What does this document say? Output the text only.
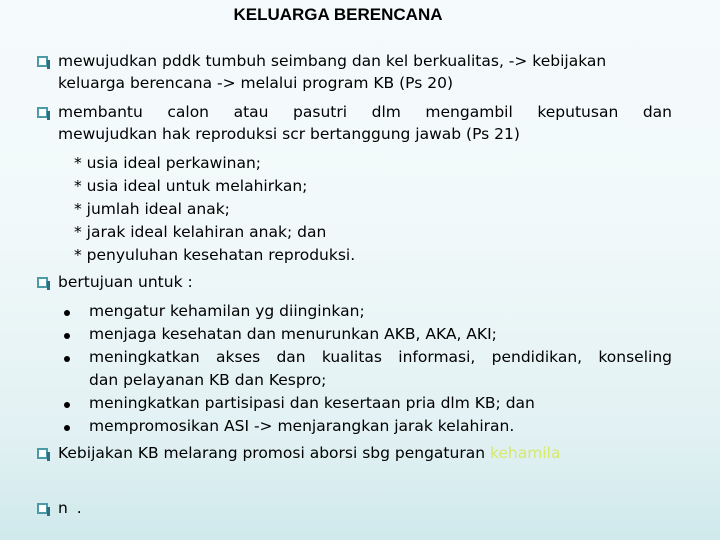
KELUARGA BERENCANA
mewujudkan pddk tumbuh seimbang dan kel berkualitas, -> kebijakan
keluarga berencana -> melalui program KB (Ps 20)
membantu calon atau pasutri dlm mengambil keputusan dan
mewujudkan hak reproduksi scr bertanggung jawab (Ps 21)
* usia ideal perkawinan;
* usia ideal untuk melahirkan;
* jumlah ideal anak;
* jarak ideal kelahiran anak; dan
* penyuluhan kesehatan reproduksi.
bertujuan untuk :
mengatur kehamilan yg diinginkan;
menjaga kesehatan dan menurunkan AKB, AKA, AKI;
meningkatkan akses dan kualitas informasi, pendidikan, konseling
dan pelayanan KB dan Kespro;
meningkatkan partisipasi dan kesertaan pria dlm KB; dan
mempromosikan ASI -> menjarangkan jarak kelahiran.
Kebijakan KB melarang promosi aborsi sbg pengaturan kehamila
n .
